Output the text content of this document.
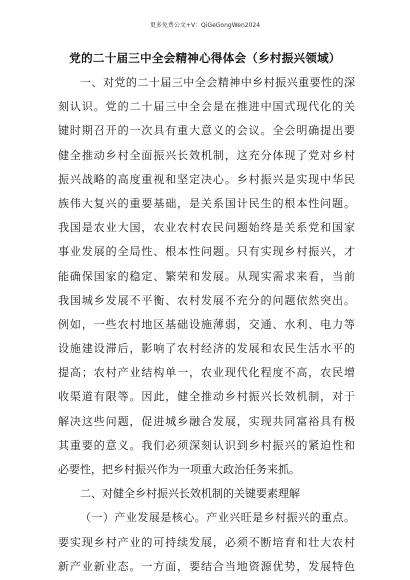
更多免费公文+V：QiGeGongWen2024
党的二十届三中全会精神心得体会（乡村振兴领域）
一、对党的二十届三中全会精神中乡村振兴重要性的深
刻认识。党的二十届三中全会是在推进中国式现代化的关
键时期召开的一次具有重大意义的会议。全会明确提出要
健全推动乡村全面振兴长效机制，这充分体现了党对乡村
振兴战略的高度重视和坚定决心。乡村振兴是实现中华民
族伟大复兴的重要基础，是关系国计民生的根本性问题。
我国是农业大国，农业农村农民问题始终是关系党和国家
事业发展的全局性、根本性问题。只有实现乡村振兴，才
能确保国家的稳定、繁荣和发展。从现实需求来看，当前
我国城乡发展不平衡、农村发展不充分的问题依然突出。
例如，一些农村地区基础设施薄弱，交通、水利、电力等
设施建设滞后，影响了农村经济的发展和农民生活水平的
提高；农村产业结构单一，农业现代化程度不高，农民增
收渠道有限等。因此，健全推动乡村振兴长效机制，对于
解决这些问题，促进城乡融合发展，实现共同富裕具有极
其重要的意义。我们必须深刻认识到乡村振兴的紧迫性和
必要性，把乡村振兴作为一项重大政治任务来抓。
二、对健全乡村振兴长效机制的关键要素理解
（一）产业发展是核心。产业兴旺是乡村振兴的重点。
要实现乡村产业的可持续发展，必须不断培育和壮大农村
新产业新业态。一方面，要结合当地资源优势，发展特色
